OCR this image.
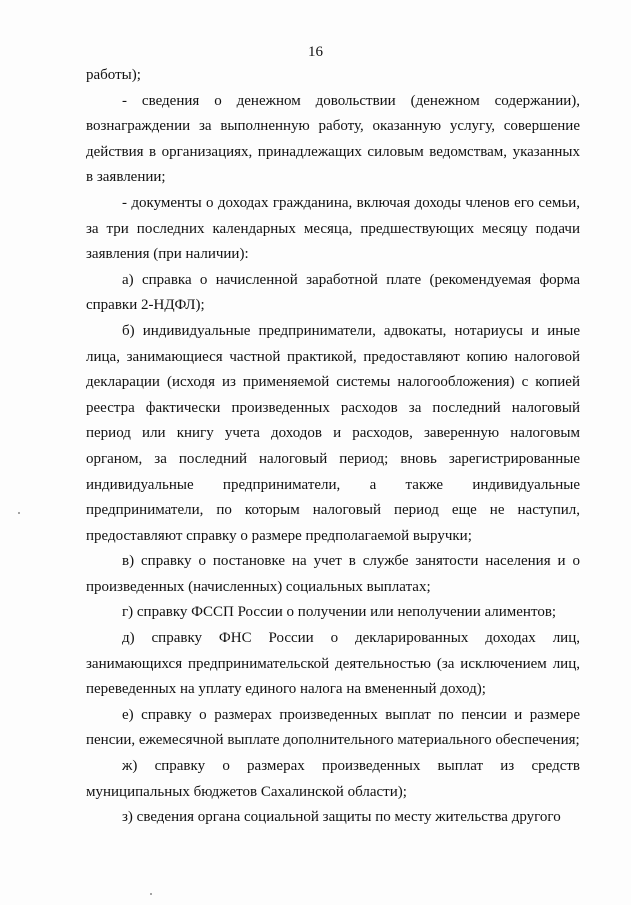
16

работы);

- сведения о денежном довольствии (денежном содержании), вознаграждении за выполненную работу, оказанную услугу, совершение действия в организациях, принадлежащих силовым ведомствам, указанных в заявлении;

- документы о доходах гражданина, включая доходы членов его семьи, за три последних календарных месяца, предшествующих месяцу подачи заявления (при наличии):

а) справка о начисленной заработной плате (рекомендуемая форма справки 2-НДФЛ);

б) индивидуальные предприниматели, адвокаты, нотариусы и иные лица, занимающиеся частной практикой, предоставляют копию налоговой декларации (исходя из применяемой системы налогообложения) с копией реестра фактически произведенных расходов за последний налоговый период или книгу учета доходов и расходов, заверенную налоговым органом, за последний налоговый период; вновь зарегистрированные индивидуальные предприниматели, а также индивидуальные предприниматели, по которым налоговый период еще не наступил, предоставляют справку о размере предполагаемой выручки;

в) справку о постановке на учет в службе занятости населения и о произведенных (начисленных) социальных выплатах;

г) справку ФССП России о получении или неполучении алиментов;

д) справку ФНС России о декларированных доходах лиц, занимающихся предпринимательской деятельностью (за исключением лиц, переведенных на уплату единого налога на вмененный доход);

е) справку о размерах произведенных выплат по пенсии и размере пенсии, ежемесячной выплате дополнительного материального обеспечения;

ж) справку о размерах произведенных выплат из средств муниципальных бюджетов Сахалинской области);

з) сведения органа социальной защиты по месту жительства другого
